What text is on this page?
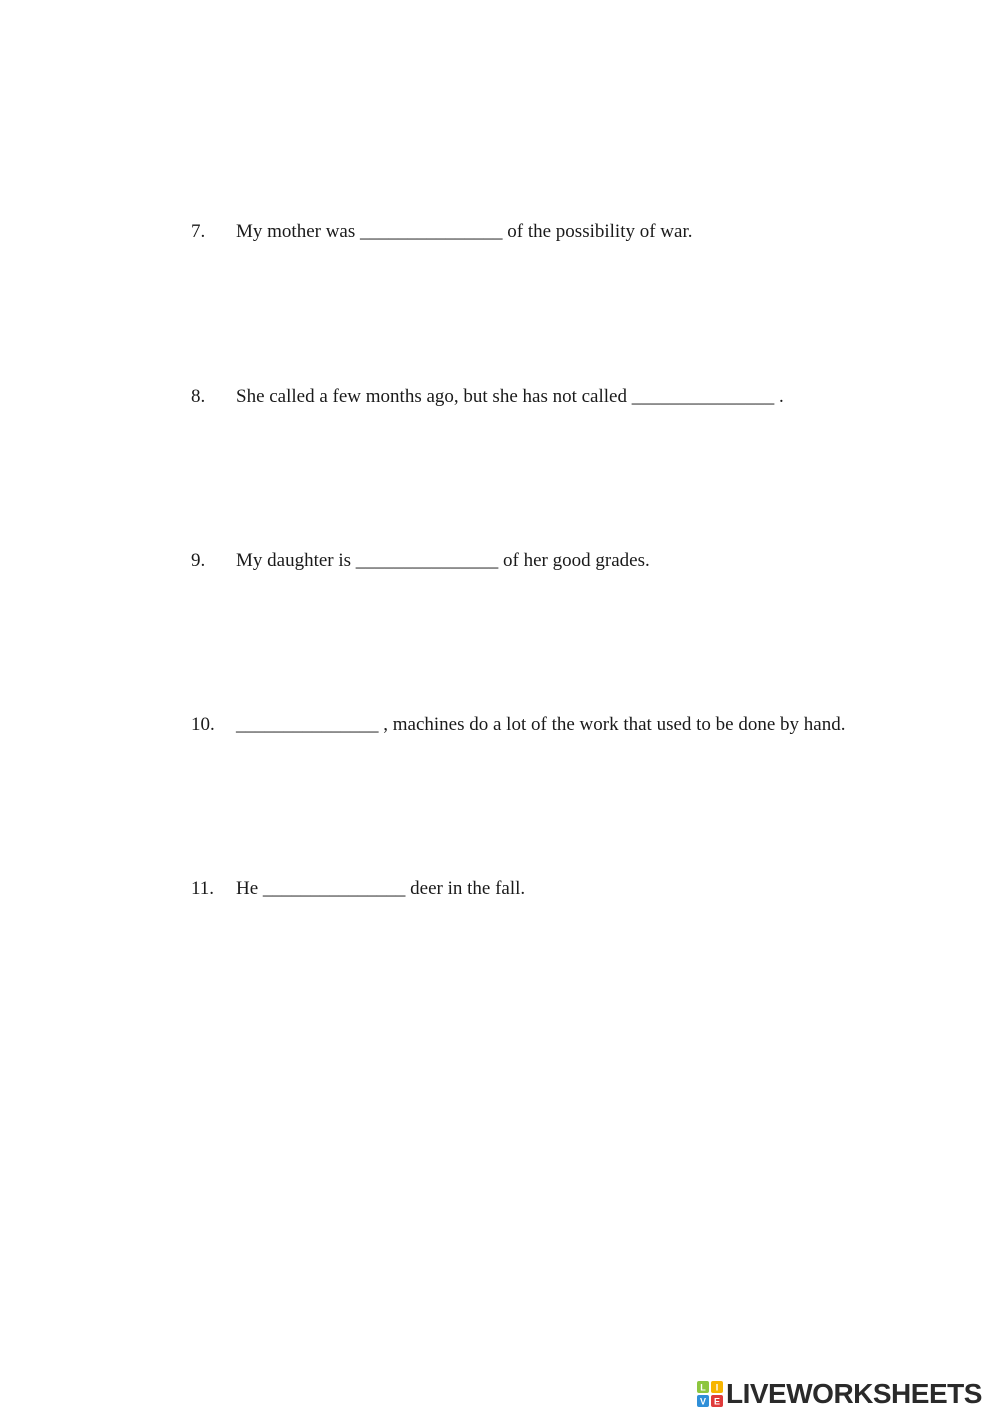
7. My mother was _______________ of the possibility of war.
8. She called a few months ago, but she has not called _______________ .
9. My daughter is _______________ of her good grades.
10. _______________ , machines do a lot of the work that used to be done by hand.
11. He _______________ deer in the fall.
L I
V E LIVEWORKSHEETS
